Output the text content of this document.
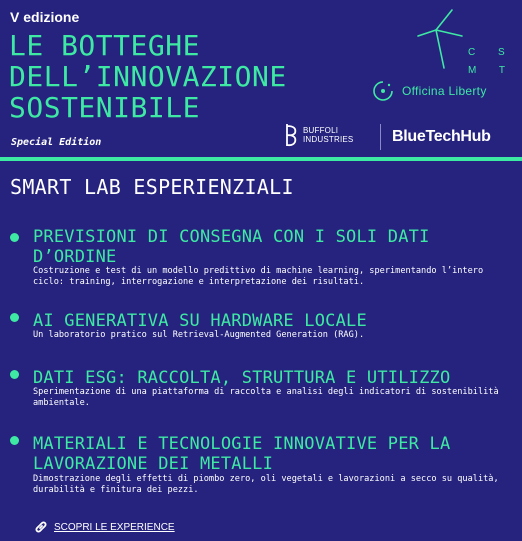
V edizione
LE BOTTEGHE
DELL’INNOVAZIONE
SOSTENIBILE
Special Edition
C S M T
Officina Liberty
BUFFOLI
INDUSTRIES BlueTechHub
SMART LAB ESPERIENZIALI
PREVISIONI DI CONSEGNA CON I SOLI DATI D’ORDINE

Costruzione e test di un modello predittivo di machine learning, sperimentando l’intero ciclo: training, interrogazione e interpretazione dei risultati.

AI GENERATIVA SU HARDWARE LOCALE

Un laboratorio pratico sul Retrieval-Augmented Generation (RAG).

DATI ESG: RACCOLTA, STRUTTURA E UTILIZZO

Sperimentazione di una piattaforma di raccolta e analisi degli indicatori di sostenibilità ambientale.

MATERIALI E TECNOLOGIE INNOVATIVE PER LA LAVORAZIONE DEI METALLI

Dimostrazione degli effetti di piombo zero, oli vegetali e lavorazioni a secco su qualità, durabilità e finitura dei pezzi.

SCOPRI LE EXPERIENCE
